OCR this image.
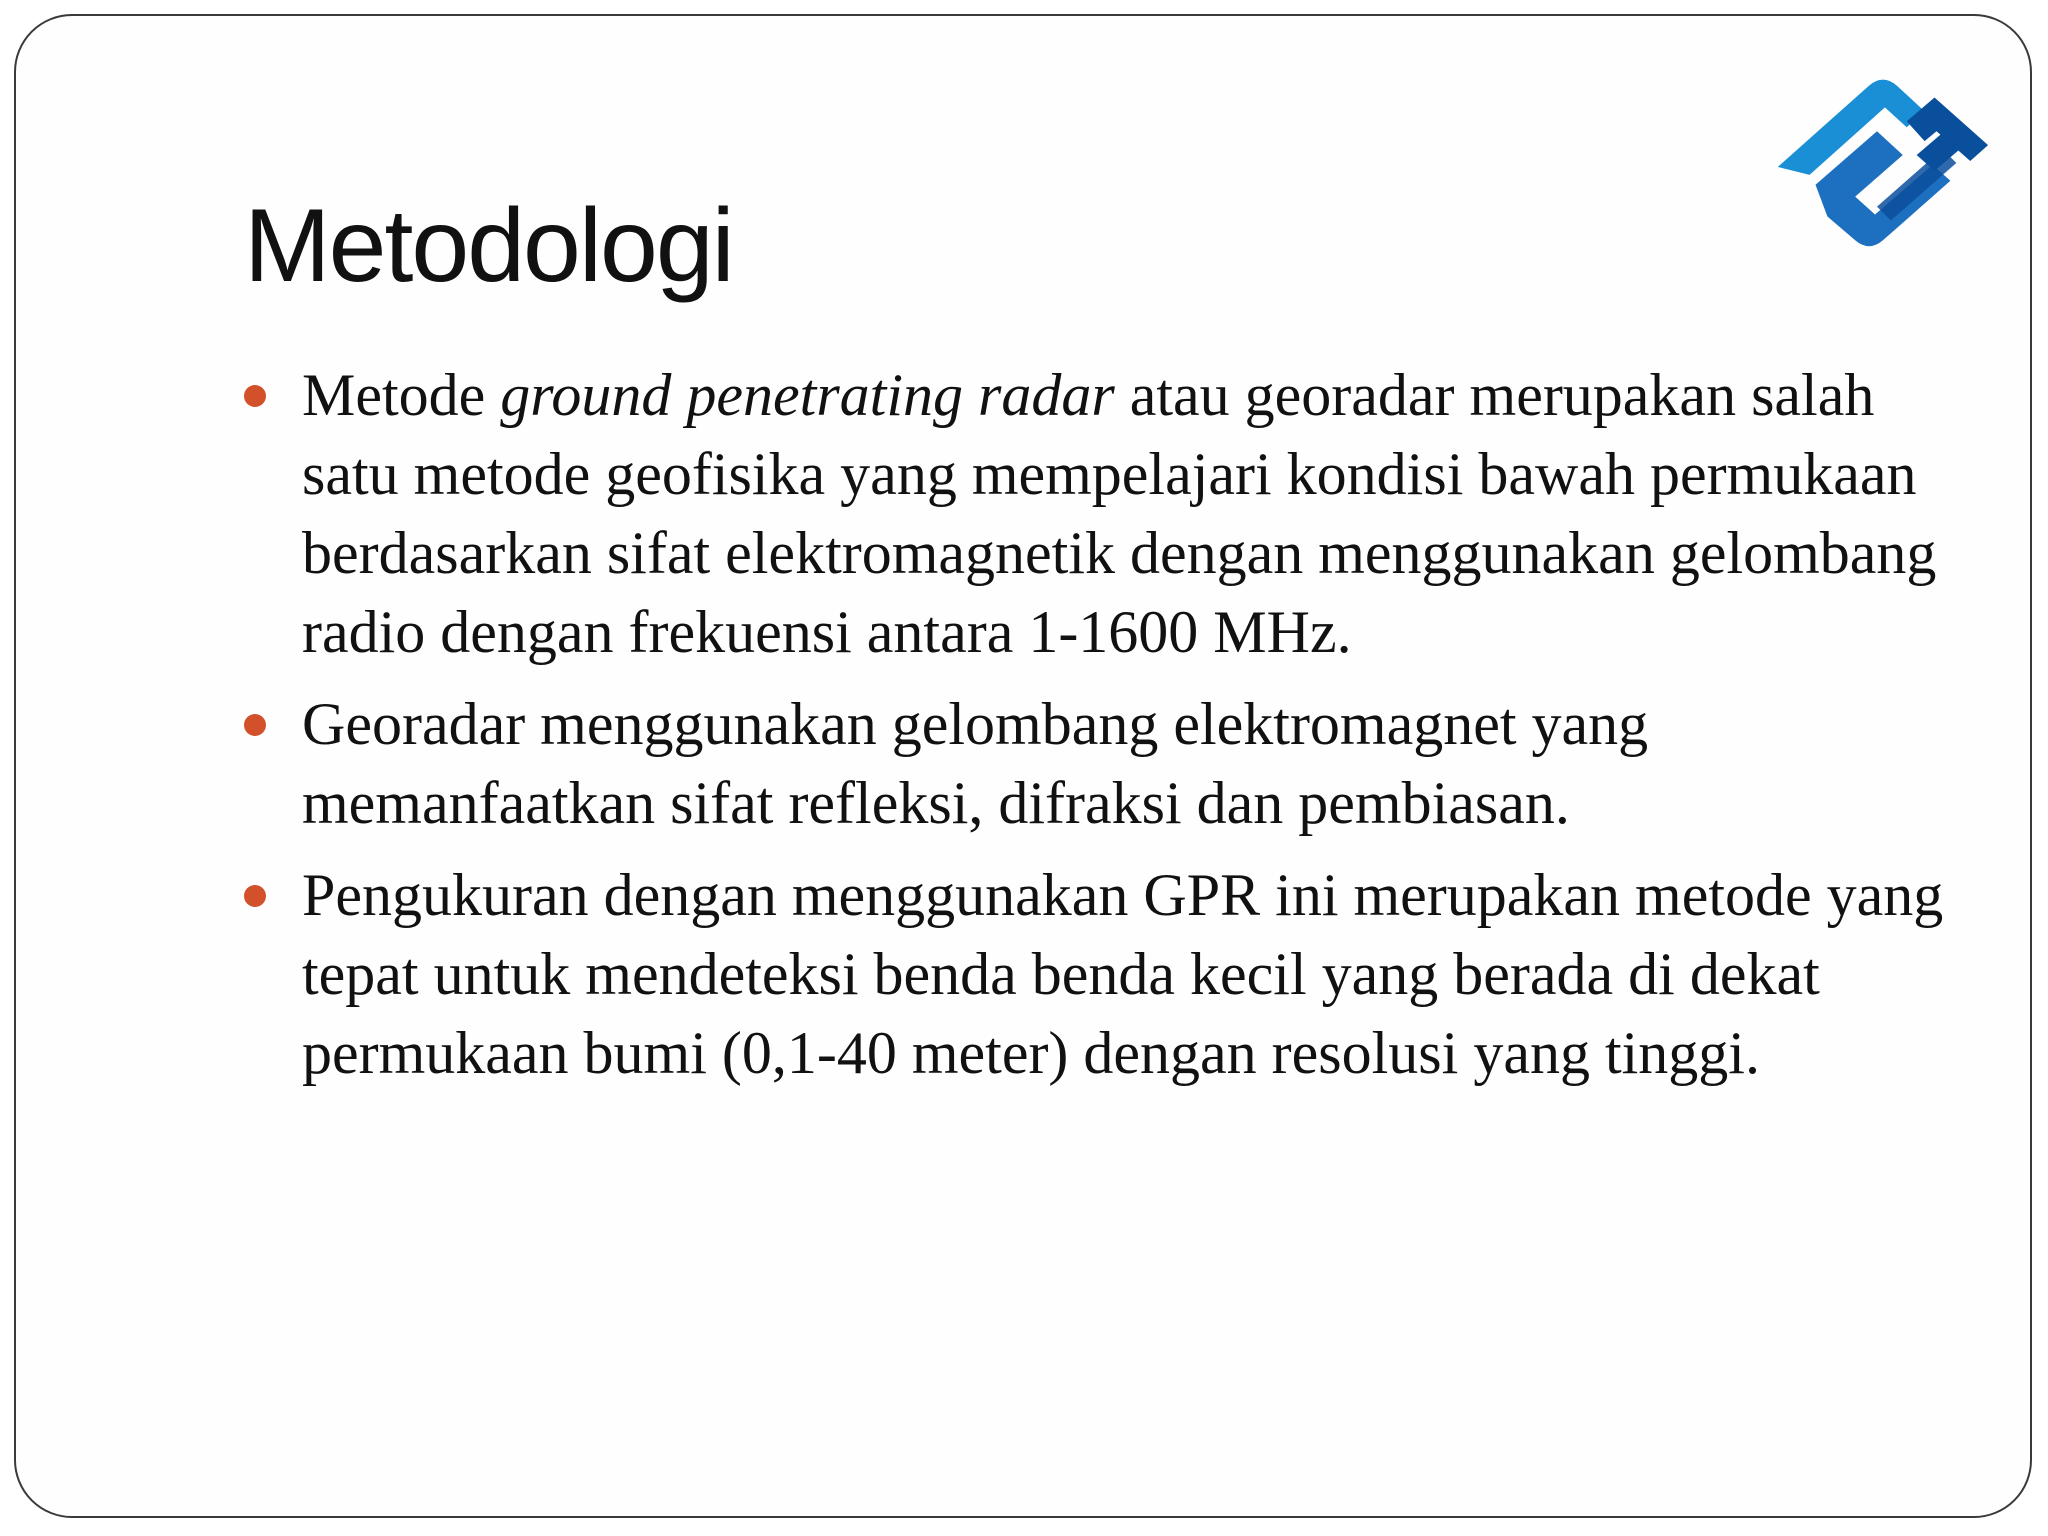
Metodologi
Metode ground penetrating radar atau georadar merupakan salah satu metode geofisika yang mempelajari kondisi bawah permukaan berdasarkan sifat elektromagnetik dengan menggunakan gelombang radio dengan frekuensi antara 1-1600 MHz.
Georadar menggunakan gelombang elektromagnet yang memanfaatkan sifat refleksi, difraksi dan pembiasan.
Pengukuran dengan menggunakan GPR ini merupakan metode yang tepat untuk mendeteksi benda benda kecil yang berada di dekat permukaan bumi (0,1-40 meter) dengan resolusi yang tinggi.
